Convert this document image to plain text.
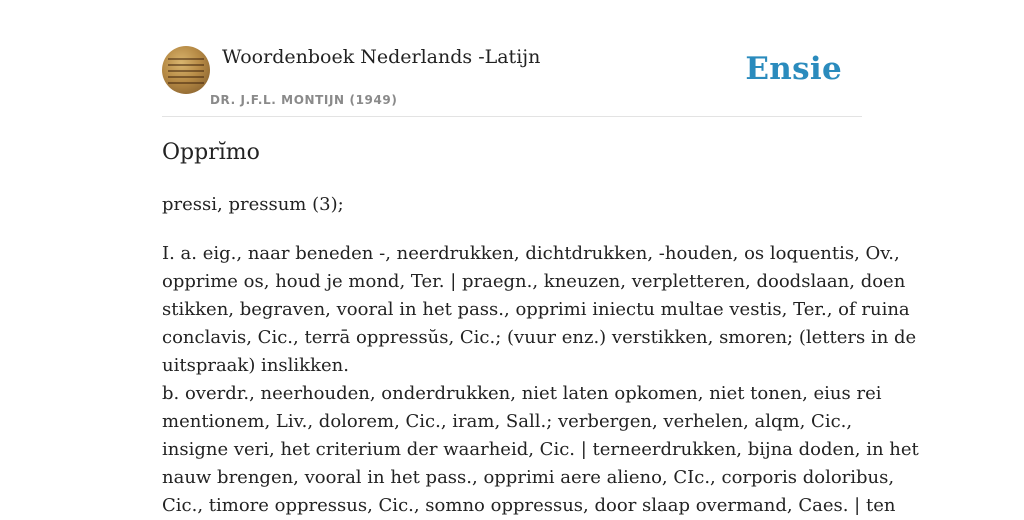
Woordenboek Nederlands -Latijn
DR. J.F.L. MONTIJN (1949)
Ensie
Opprĭmo

pressi, pressum (3);

I. a. eig., naar beneden -, neerdrukken, dichtdrukken, -houden, os loquentis, Ov.,
opprime os, houd je mond, Ter. | praegn., kneuzen, verpletteren, doodslaan, doen
stikken, begraven, vooral in het pass., opprimi iniectu multae vestis, Ter., of ruina
conclavis, Cic., terrā oppressŭs, Cic.; (vuur enz.) verstikken, smoren; (letters in de
uitspraak) inslikken.
b. overdr., neerhouden, onderdrukken, niet laten opkomen, niet tonen, eius rei
mentionem, Liv., dolorem, Cic., iram, Sall.; verbergen, verhelen, alqm, Cic.,
insigne veri, het criterium der waarheid, Cic. | terneerdrukken, bijna doden, in het
nauw brengen, vooral in het pass., opprimi aere alieno, CIc., corporis doloribus,
Cic., timore oppressus, Cic., somno oppressus, door slaap overmand, Caes. | ten
